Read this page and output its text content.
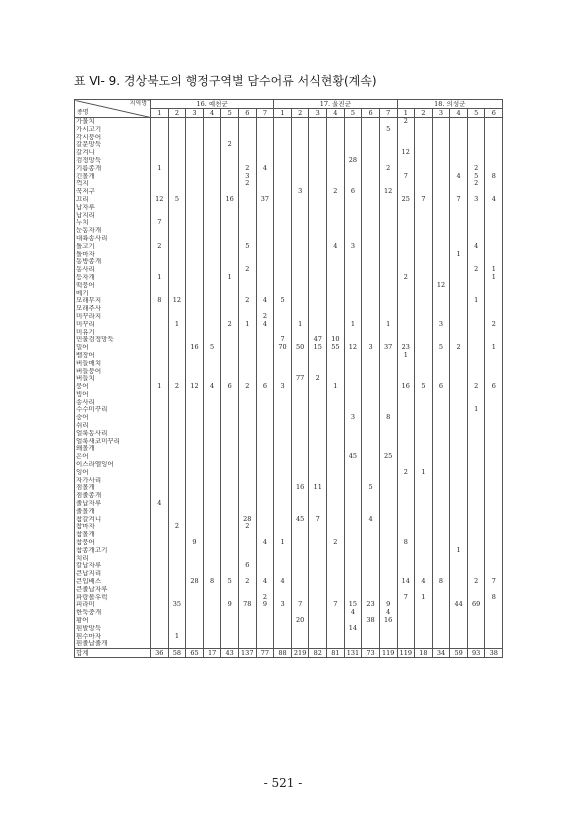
표 Ⅵ- 9. 경상북도의 행정구역별 담수어류 서식현황(계속)
지역명
종명	16. 예천군							17. 울진군							18. 의성군					
	1	2	3	4	5	6	7	1	2	3	4	5	6	7	1	2	3	4	5	6
가물치															2					
가시고기														5						
각시붕어																				
갈문망둑					2															
갈겨니															12					
검정망둑												28								
기름종개	1					2	4							2					2	
긴몰개						3									7			4	5	8
꺽지						2													2	
꾹저구									3		2	6		12						
끄리	12	5			16		37								25	7		7	3	4
납자루																				
납지리																				
누치	7																			
눈동자개																				
대륙송사리																				
돌고기	2					5					4	3							4	
돌마자																		1		
동방종개																				
동사리						2													2	1
등자개	1				1										2					1
떡붕어																	12			
메기																				
모래무지	8	12				2	4	5											1	
모래주사																				
미꾸라지							2													
미꾸리		1			2	1	4		1			1		1			3			2
미유기																				
민물검정망둑								7		47	10									
밀어			16	5				70	50	15	55	12	3	37	23		5	2		1
뱀장어															1					
버들매치																				
버들붕어																				
버들치									77	2										
붕어	1	2	12	4	6	2	6	3			1				16	5	6		2	6
빙어																				
송사리																				
수수미꾸리																			1	
숭어												3		8						
쉬리																				
얼룩동사리																				
얼룩새코미꾸리																				
왜몰개																				
은어												45		25						
이스라엘잉어																				
잉어															2	1				
자가사리																				
점몰개									16	11			5							
점줄종개																				
줄납자루	4																			
줄몰개																				
참갈겨니						28			45	7			4							
참마자		2				2														
참몰개																				
참붕어			9				4	1			2				8					
참종개고기																		1		
치리																				
칼납자루						6														
큰납지리																				
큰입배스			28	8	5	2	4	4							14	4	8		2	7
큰줄납자루																				
파랑볼우럭							2								7	1				8
피라미		35			9	78	9	3	7		7	15	23	9				44	69	
한둑중개												4		4						
황어									20				38	16						
흰발망둑												14								
흰수마자		1																		
흰줄납줄개																				
합계	36	58	65	17	43	137	77	88	219	82	81	131	73	119	119	18	34	59	93	38
- 521 -
